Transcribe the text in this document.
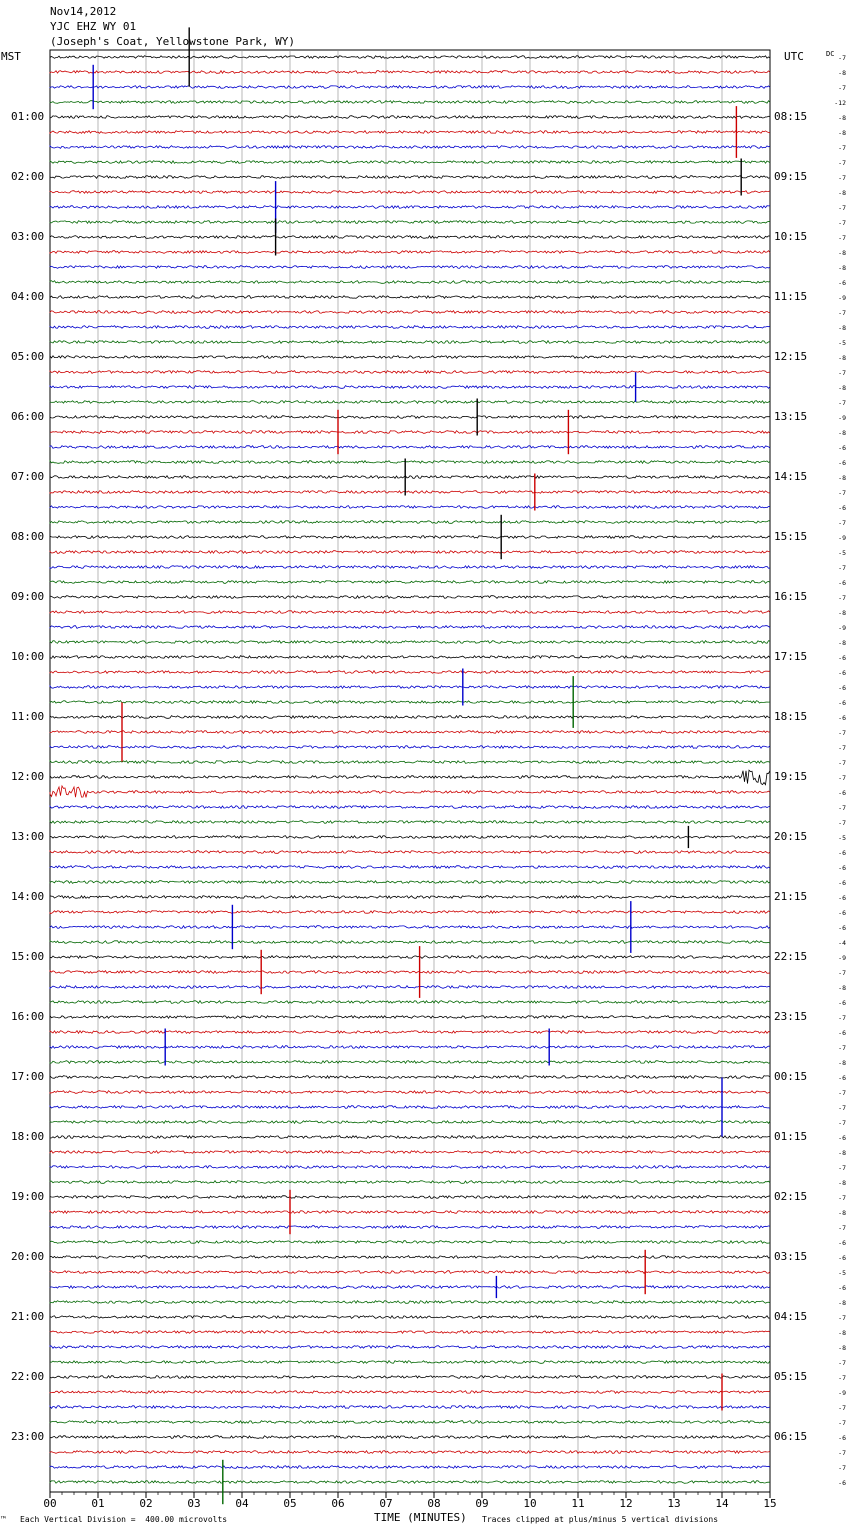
Nov14,2012
YJC EHZ WY 01
(Joseph's Coat, Yellowstone Park, WY)
MST	UTC	DC
01:00
02:00
03:00
04:00
05:00
06:00
07:00
08:00
09:00
10:00
11:00
12:00
13:00
14:00
15:00
16:00
17:00
18:00
19:00
20:00
21:00
22:00
23:00
08:15
09:15
10:15
11:15
12:15
13:15
14:15
15:15
16:15
17:15
18:15
19:15
20:15
21:15
22:15
23:15
00:15
01:15
02:15
03:15
04:15
05:15
06:15
-7
-8
-7
-12
-8
-8
-7
-7
-7
-8
-7
-7
-7
-8
-8
-6
-9
-7
-8
-5
-8
-7
-8
-7
-9
-8
-6
-6
-8
-7
-6
-7
-9
-5
-7
-6
-7
-8
-9
-8
-6
-6
-6
-6
-6
-7
-7
-7
-7
-6
-7
-7
-5
-6
-6
-6
-6
-6
-6
-4
-9
-7
-8
-6
-7
-6
-7
-8
-6
-7
-7
-7
-6
-8
-7
-8
-7
-8
-7
-6
-6
-5
-6
-8
-7
-8
-8
-7
-7
-9
-7
-7
-6
-7
-7
-6
00	01	02	03	04	05	06	07	08	09	10	11	12	13	14	15
TIME (MINUTES)
™ Each Vertical Division =  400.00 microvolts	Traces clipped at plus/minus 5 vertical divisions
